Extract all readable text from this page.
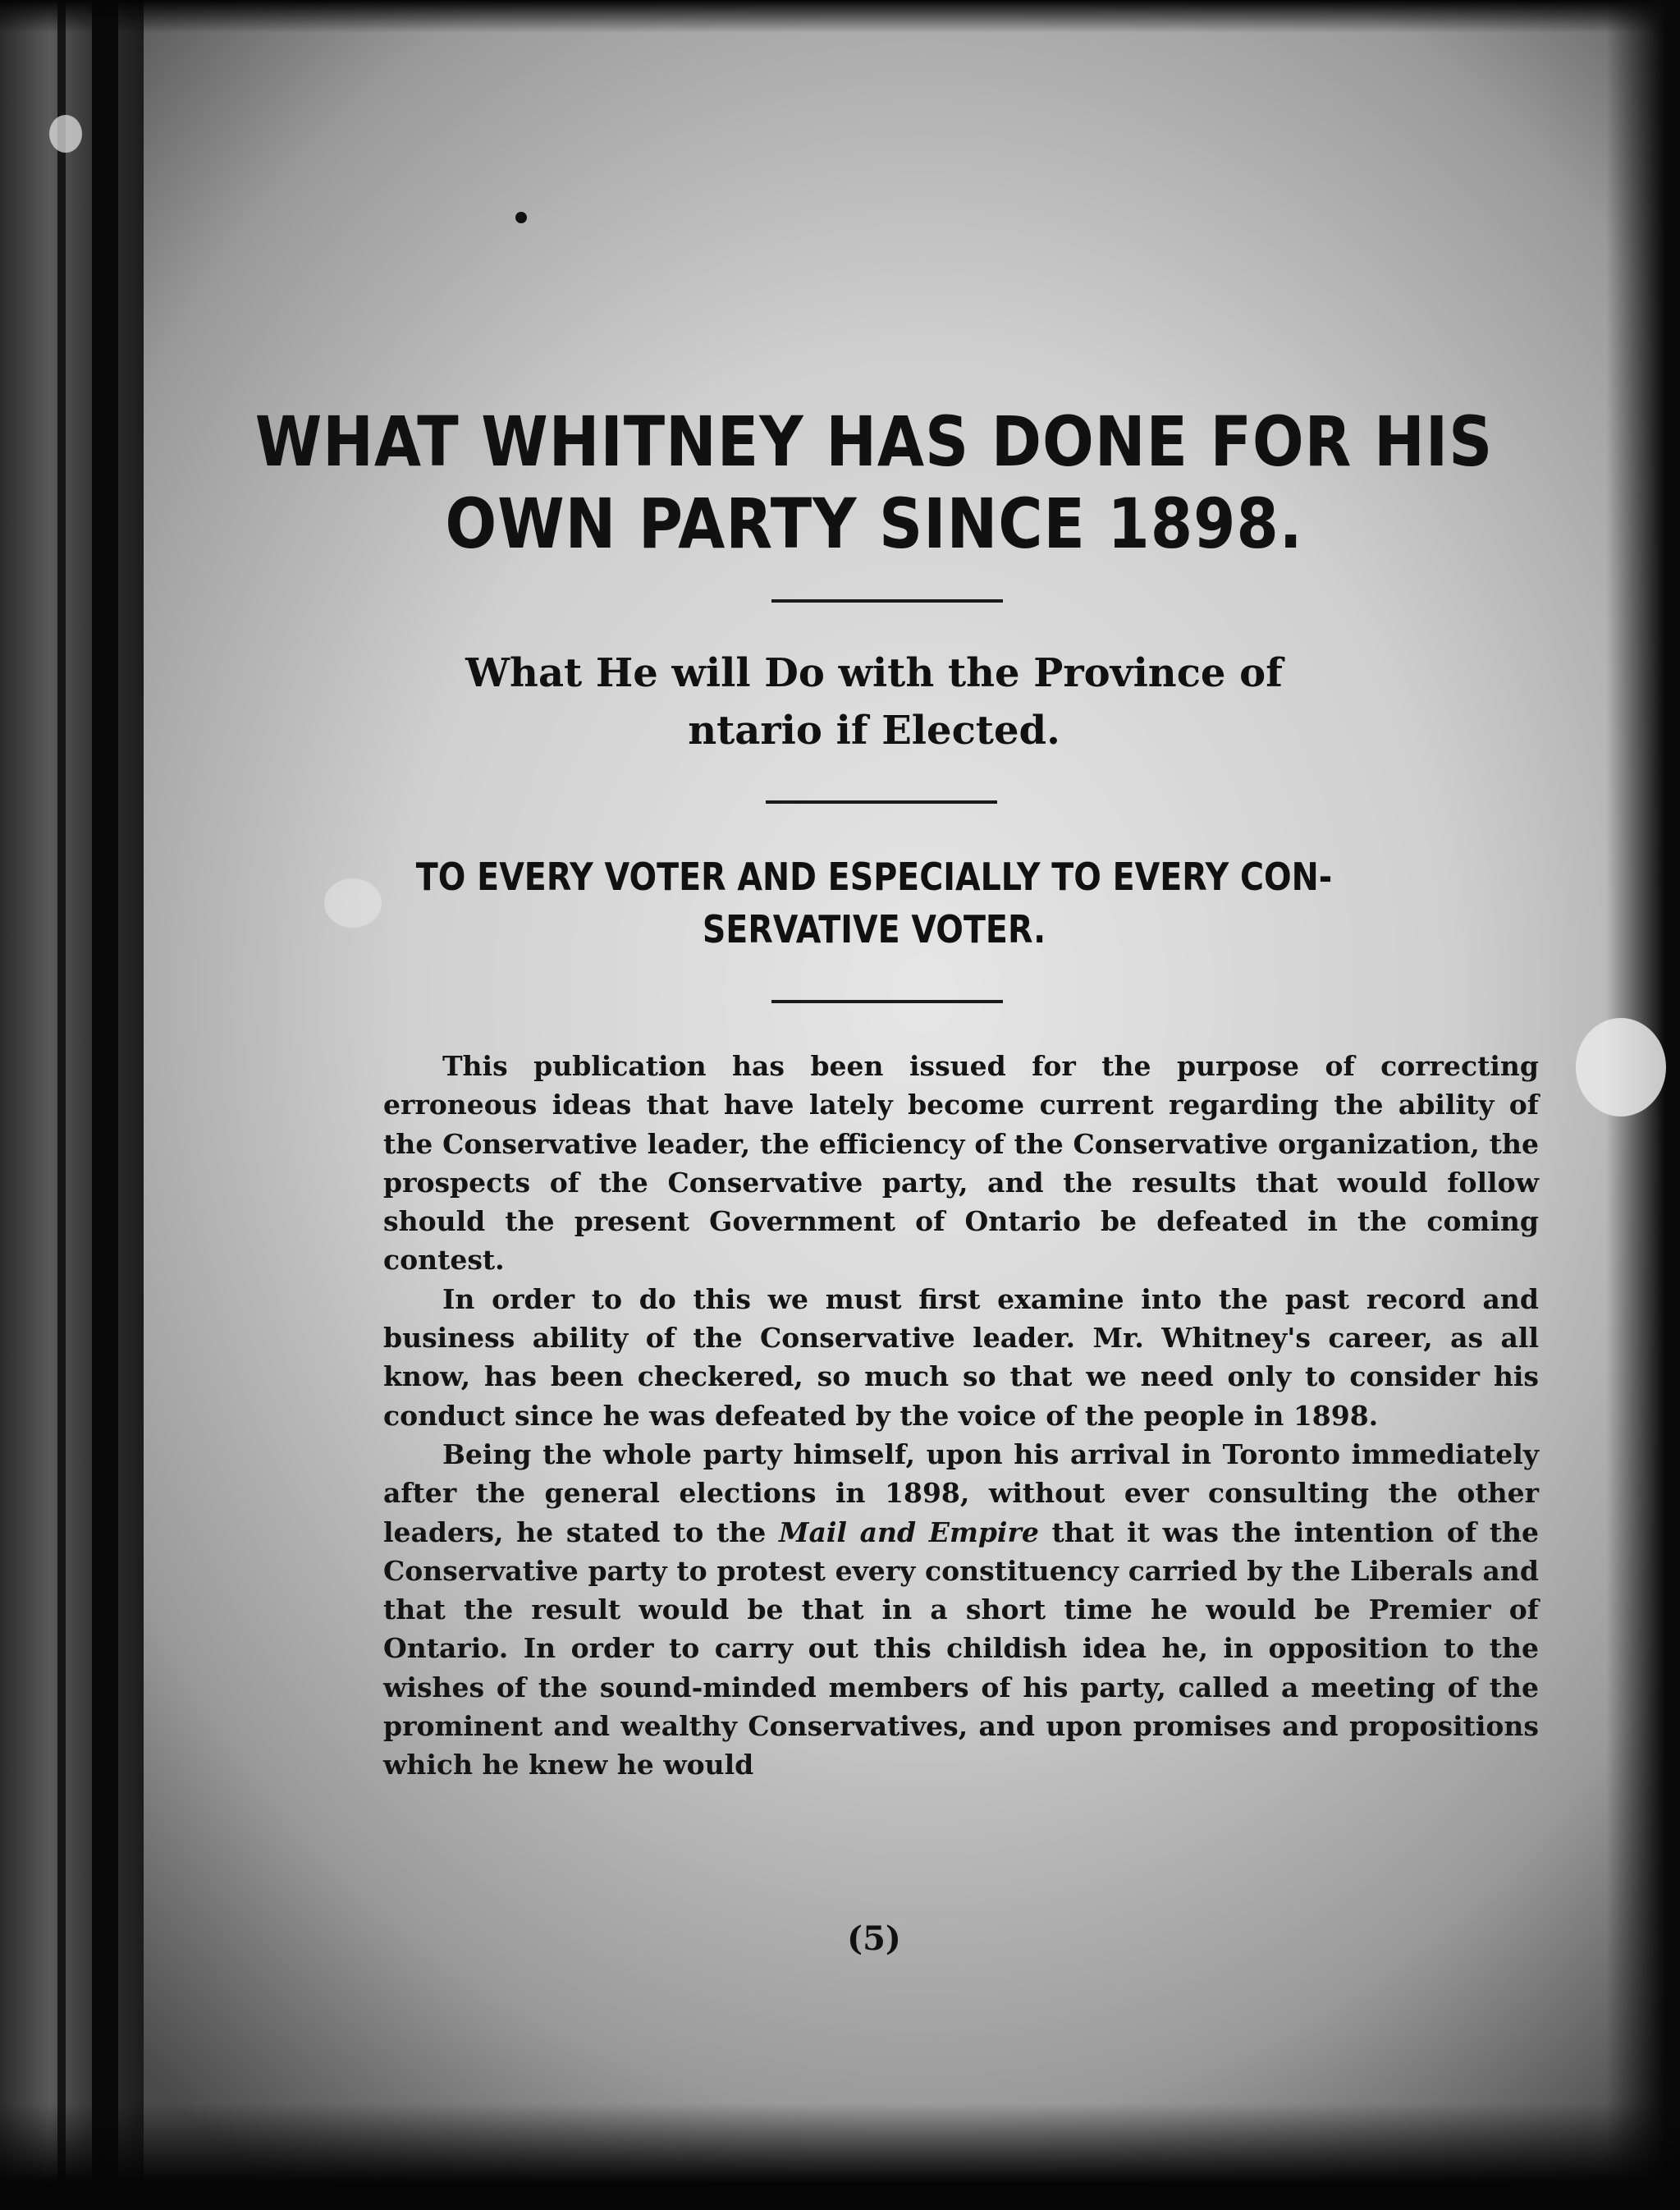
WHAT WHITNEY HAS DONE FOR HIS
OWN PARTY SINCE 1898.
What He will Do with the Province of
ntario if Elected.
TO EVERY VOTER AND ESPECIALLY TO EVERY CON-
SERVATIVE VOTER.

This publication has been issued for the purpose of correcting erroneous ideas that have lately become current regarding the ability of the Conservative leader, the efficiency of the Conservative organization, the prospects of the Conservative party, and the results that would follow should the present Government of Ontario be defeated in the coming contest.

In order to do this we must first examine into the past record and business ability of the Conservative leader. Mr. Whitney's career, as all know, has been checkered, so much so that we need only to consider his conduct since he was defeated by the voice of the people in 1898.

Being the whole party himself, upon his arrival in Toronto immediately after the general elections in 1898, without ever consulting the other leaders, he stated to the Mail and Empire that it was the intention of the Conservative party to protest every constituency carried by the Liberals and that the result would be that in a short time he would be Premier of Ontario. In order to carry out this childish idea he, in opposition to the wishes of the sound-minded members of his party, called a meeting of the prominent and wealthy Conservatives, and upon promises and propositions which he knew he would

(5)
